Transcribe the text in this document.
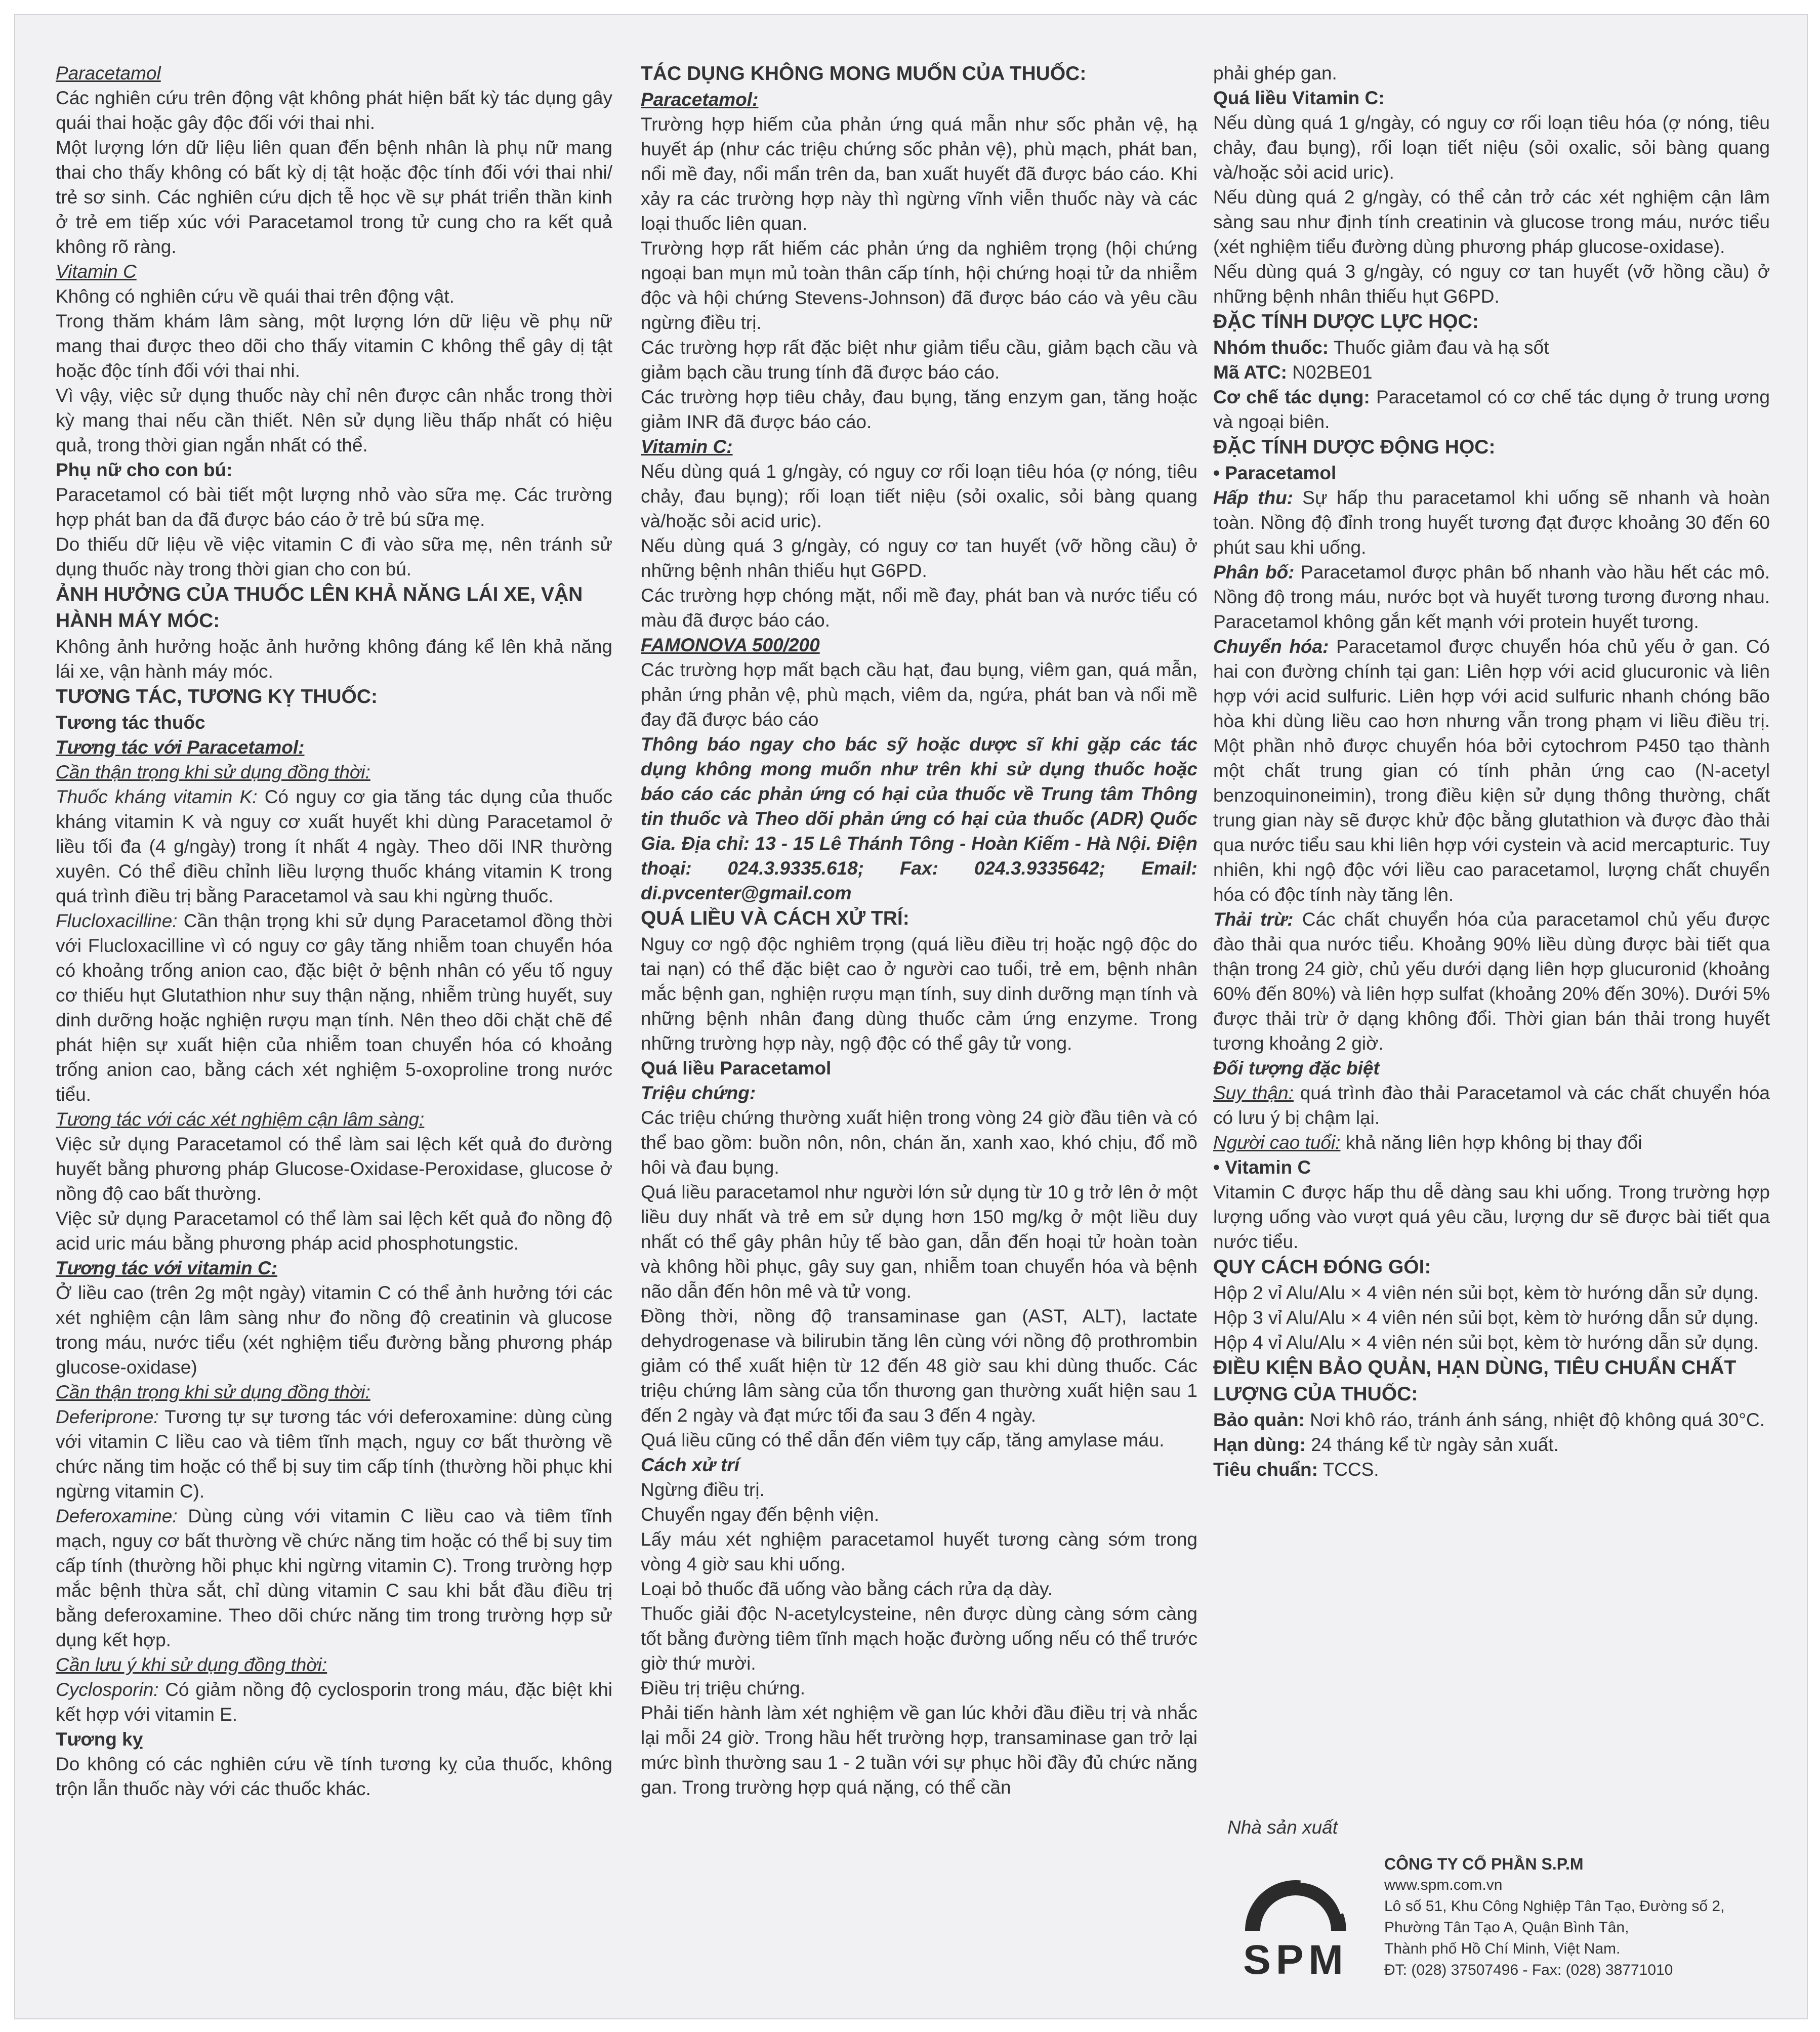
Paracetamol

Các nghiên cứu trên động vật không phát hiện bất kỳ tác dụng gây quái thai hoặc gây độc đối với thai nhi.

Một lượng lớn dữ liệu liên quan đến bệnh nhân là phụ nữ mang thai cho thấy không có bất kỳ dị tật hoặc độc tính đối với thai nhi/ trẻ sơ sinh. Các nghiên cứu dịch tễ học về sự phát triển thần kinh ở trẻ em tiếp xúc với Paracetamol trong tử cung cho ra kết quả không rõ ràng.

Vitamin C

Không có nghiên cứu về quái thai trên động vật.

Trong thăm khám lâm sàng, một lượng lớn dữ liệu về phụ nữ mang thai được theo dõi cho thấy vitamin C không thể gây dị tật hoặc độc tính đối với thai nhi.

Vì vậy, việc sử dụng thuốc này chỉ nên được cân nhắc trong thời kỳ mang thai nếu cần thiết. Nên sử dụng liều thấp nhất có hiệu quả, trong thời gian ngắn nhất có thể.

Phụ nữ cho con bú:

Paracetamol có bài tiết một lượng nhỏ vào sữa mẹ. Các trường hợp phát ban da đã được báo cáo ở trẻ bú sữa mẹ.

Do thiếu dữ liệu về việc vitamin C đi vào sữa mẹ, nên tránh sử dụng thuốc này trong thời gian cho con bú.

ẢNH HƯỞNG CỦA THUỐC LÊN KHẢ NĂNG LÁI XE, VẬN HÀNH MÁY MÓC:

Không ảnh hưởng hoặc ảnh hưởng không đáng kể lên khả năng lái xe, vận hành máy móc.

TƯƠNG TÁC, TƯƠNG KỴ THUỐC:

Tương tác thuốc

Tương tác với Paracetamol:

Cần thận trọng khi sử dụng đồng thời:

Thuốc kháng vitamin K: Có nguy cơ gia tăng tác dụng của thuốc kháng vitamin K và nguy cơ xuất huyết khi dùng Paracetamol ở liều tối đa (4 g/ngày) trong ít nhất 4 ngày. Theo dõi INR thường xuyên. Có thể điều chỉnh liều lượng thuốc kháng vitamin K trong quá trình điều trị bằng Paracetamol và sau khi ngừng thuốc.

Flucloxacilline: Cần thận trọng khi sử dụng Paracetamol đồng thời với Flucloxacilline vì có nguy cơ gây tăng nhiễm toan chuyển hóa có khoảng trống anion cao, đặc biệt ở bệnh nhân có yếu tố nguy cơ thiếu hụt Glutathion như suy thận nặng, nhiễm trùng huyết, suy dinh dưỡng hoặc nghiện rượu mạn tính. Nên theo dõi chặt chẽ để phát hiện sự xuất hiện của nhiễm toan chuyển hóa có khoảng trống anion cao, bằng cách xét nghiệm 5-oxoproline trong nước tiểu.

Tương tác với các xét nghiệm cận lâm sàng:

Việc sử dụng Paracetamol có thể làm sai lệch kết quả đo đường huyết bằng phương pháp Glucose-Oxidase-Peroxidase, glucose ở nồng độ cao bất thường.

Việc sử dụng Paracetamol có thể làm sai lệch kết quả đo nồng độ acid uric máu bằng phương pháp acid phosphotungstic.

Tương tác với vitamin C:

Ở liều cao (trên 2g một ngày) vitamin C có thể ảnh hưởng tới các xét nghiệm cận lâm sàng như đo nồng độ creatinin và glucose trong máu, nước tiểu (xét nghiệm tiểu đường bằng phương pháp glucose-oxidase)

Cần thận trọng khi sử dụng đồng thời:

Deferiprone: Tương tự sự tương tác với deferoxamine: dùng cùng với vitamin C liều cao và tiêm tĩnh mạch, nguy cơ bất thường về chức năng tim hoặc có thể bị suy tim cấp tính (thường hồi phục khi ngừng vitamin C).

Deferoxamine: Dùng cùng với vitamin C liều cao và tiêm tĩnh mạch, nguy cơ bất thường về chức năng tim hoặc có thể bị suy tim cấp tính (thường hồi phục khi ngừng vitamin C). Trong trường hợp mắc bệnh thừa sắt, chỉ dùng vitamin C sau khi bắt đầu điều trị bằng deferoxamine. Theo dõi chức năng tim trong trường hợp sử dụng kết hợp.

Cần lưu ý khi sử dụng đồng thời:

Cyclosporin: Có giảm nồng độ cyclosporin trong máu, đặc biệt khi kết hợp với vitamin E.

Tương kỵ

Do không có các nghiên cứu về tính tương kỵ của thuốc, không trộn lẫn thuốc này với các thuốc khác.

TÁC DỤNG KHÔNG MONG MUỐN CỦA THUỐC:

Paracetamol:

Trường hợp hiếm của phản ứng quá mẫn như sốc phản vệ, hạ huyết áp (như các triệu chứng sốc phản vệ), phù mạch, phát ban, nổi mề đay, nổi mẩn trên da, ban xuất huyết đã được báo cáo. Khi xảy ra các trường hợp này thì ngừng vĩnh viễn thuốc này và các loại thuốc liên quan.

Trường hợp rất hiếm các phản ứng da nghiêm trọng (hội chứng ngoại ban mụn mủ toàn thân cấp tính, hội chứng hoại tử da nhiễm độc và hội chứng Stevens-Johnson) đã được báo cáo và yêu cầu ngừng điều trị.

Các trường hợp rất đặc biệt như giảm tiểu cầu, giảm bạch cầu và giảm bạch cầu trung tính đã được báo cáo.

Các trường hợp tiêu chảy, đau bụng, tăng enzym gan, tăng hoặc giảm INR đã được báo cáo.

Vitamin C:

Nếu dùng quá 1 g/ngày, có nguy cơ rối loạn tiêu hóa (ợ nóng, tiêu chảy, đau bụng); rối loạn tiết niệu (sỏi oxalic, sỏi bàng quang và/hoặc sỏi acid uric).

Nếu dùng quá 3 g/ngày, có nguy cơ tan huyết (vỡ hồng cầu) ở những bệnh nhân thiếu hụt G6PD.

Các trường hợp chóng mặt, nổi mề đay, phát ban và nước tiểu có màu đã được báo cáo.

FAMONOVA 500/200

Các trường hợp mất bạch cầu hạt, đau bụng, viêm gan, quá mẫn, phản ứng phản vệ, phù mạch, viêm da, ngứa, phát ban và nổi mề đay đã được báo cáo

Thông báo ngay cho bác sỹ hoặc dược sĩ khi gặp các tác dụng không mong muốn như trên khi sử dụng thuốc hoặc báo cáo các phản ứng có hại của thuốc về Trung tâm Thông tin thuốc và Theo dõi phản ứng có hại của thuốc (ADR) Quốc Gia. Địa chỉ: 13 - 15 Lê Thánh Tông - Hoàn Kiếm - Hà Nội. Điện thoại: 024.3.9335.618; Fax: 024.3.9335642; Email: di.pvcenter@gmail.com

QUÁ LIỀU VÀ CÁCH XỬ TRÍ:

Nguy cơ ngộ độc nghiêm trọng (quá liều điều trị hoặc ngộ độc do tai nạn) có thể đặc biệt cao ở người cao tuổi, trẻ em, bệnh nhân mắc bệnh gan, nghiện rượu mạn tính, suy dinh dưỡng mạn tính và những bệnh nhân đang dùng thuốc cảm ứng enzyme. Trong những trường hợp này, ngộ độc có thể gây tử vong.

Quá liều Paracetamol

Triệu chứng:

Các triệu chứng thường xuất hiện trong vòng 24 giờ đầu tiên và có thể bao gồm: buồn nôn, nôn, chán ăn, xanh xao, khó chịu, đổ mồ hôi và đau bụng.

Quá liều paracetamol như người lớn sử dụng từ 10 g trở lên ở một liều duy nhất và trẻ em sử dụng hơn 150 mg/kg ở một liều duy nhất có thể gây phân hủy tế bào gan, dẫn đến hoại tử hoàn toàn và không hồi phục, gây suy gan, nhiễm toan chuyển hóa và bệnh não dẫn đến hôn mê và tử vong.

Đồng thời, nồng độ transaminase gan (AST, ALT), lactate dehydrogenase và bilirubin tăng lên cùng với nồng độ prothrombin giảm có thể xuất hiện từ 12 đến 48 giờ sau khi dùng thuốc. Các triệu chứng lâm sàng của tổn thương gan thường xuất hiện sau 1 đến 2 ngày và đạt mức tối đa sau 3 đến 4 ngày.

Quá liều cũng có thể dẫn đến viêm tụy cấp, tăng amylase máu.

Cách xử trí

Ngừng điều trị.

Chuyển ngay đến bệnh viện.

Lấy máu xét nghiệm paracetamol huyết tương càng sớm trong vòng 4 giờ sau khi uống.

Loại bỏ thuốc đã uống vào bằng cách rửa dạ dày.

Thuốc giải độc N-acetylcysteine, nên được dùng càng sớm càng tốt bằng đường tiêm tĩnh mạch hoặc đường uống nếu có thể trước giờ thứ mười.

Điều trị triệu chứng.

Phải tiến hành làm xét nghiệm về gan lúc khởi đầu điều trị và nhắc lại mỗi 24 giờ. Trong hầu hết trường hợp, transaminase gan trở lại mức bình thường sau 1 - 2 tuần với sự phục hồi đầy đủ chức năng gan. Trong trường hợp quá nặng, có thể cần

phải ghép gan.

Quá liều Vitamin C:

Nếu dùng quá 1 g/ngày, có nguy cơ rối loạn tiêu hóa (ợ nóng, tiêu chảy, đau bụng), rối loạn tiết niệu (sỏi oxalic, sỏi bàng quang và/hoặc sỏi acid uric).

Nếu dùng quá 2 g/ngày, có thể cản trở các xét nghiệm cận lâm sàng sau như định tính creatinin và glucose trong máu, nước tiểu (xét nghiệm tiểu đường dùng phương pháp glucose-oxidase).

Nếu dùng quá 3 g/ngày, có nguy cơ tan huyết (vỡ hồng cầu) ở những bệnh nhân thiếu hụt G6PD.

ĐẶC TÍNH DƯỢC LỰC HỌC:

Nhóm thuốc: Thuốc giảm đau và hạ sốt

Mã ATC: N02BE01

Cơ chế tác dụng: Paracetamol có cơ chế tác dụng ở trung ương và ngoại biên.

ĐẶC TÍNH DƯỢC ĐỘNG HỌC:

• Paracetamol

Hấp thu: Sự hấp thu paracetamol khi uống sẽ nhanh và hoàn toàn. Nồng độ đỉnh trong huyết tương đạt được khoảng 30 đến 60 phút sau khi uống.

Phân bố: Paracetamol được phân bố nhanh vào hầu hết các mô. Nồng độ trong máu, nước bọt và huyết tương tương đương nhau. Paracetamol không gắn kết mạnh với protein huyết tương.

Chuyển hóa: Paracetamol được chuyển hóa chủ yếu ở gan. Có hai con đường chính tại gan: Liên hợp với acid glucuronic và liên hợp với acid sulfuric. Liên hợp với acid sulfuric nhanh chóng bão hòa khi dùng liều cao hơn nhưng vẫn trong phạm vi liều điều trị. Một phần nhỏ được chuyển hóa bởi cytochrom P450 tạo thành một chất trung gian có tính phản ứng cao (N-acetyl benzoquinoneimin), trong điều kiện sử dụng thông thường, chất trung gian này sẽ được khử độc bằng glutathion và được đào thải qua nước tiểu sau khi liên hợp với cystein và acid mercapturic. Tuy nhiên, khi ngộ độc với liều cao paracetamol, lượng chất chuyển hóa có độc tính này tăng lên.

Thải trừ: Các chất chuyển hóa của paracetamol chủ yếu được đào thải qua nước tiểu. Khoảng 90% liều dùng được bài tiết qua thận trong 24 giờ, chủ yếu dưới dạng liên hợp glucuronid (khoảng 60% đến 80%) và liên hợp sulfat (khoảng 20% đến 30%). Dưới 5% được thải trừ ở dạng không đổi. Thời gian bán thải trong huyết tương khoảng 2 giờ.

Đối tượng đặc biệt

Suy thận: quá trình đào thải Paracetamol và các chất chuyển hóa có lưu ý bị chậm lại.

Người cao tuổi: khả năng liên hợp không bị thay đổi

• Vitamin C

Vitamin C được hấp thu dễ dàng sau khi uống. Trong trường hợp lượng uống vào vượt quá yêu cầu, lượng dư sẽ được bài tiết qua nước tiểu.

QUY CÁCH ĐÓNG GÓI:

Hộp 2 vỉ Alu/Alu × 4 viên nén sủi bọt, kèm tờ hướng dẫn sử dụng.

Hộp 3 vỉ Alu/Alu × 4 viên nén sủi bọt, kèm tờ hướng dẫn sử dụng.

Hộp 4 vỉ Alu/Alu × 4 viên nén sủi bọt, kèm tờ hướng dẫn sử dụng.

ĐIỀU KIỆN BẢO QUẢN, HẠN DÙNG, TIÊU CHUẨN CHẤT LƯỢNG CỦA THUỐC:

Bảo quản: Nơi khô ráo, tránh ánh sáng, nhiệt độ không quá 30°C.

Hạn dùng: 24 tháng kể từ ngày sản xuất.

Tiêu chuẩn: TCCS.

Nhà sản xuất
SPM
CÔNG TY CỔ PHẦN S.P.M
www.spm.com.vn
Lô số 51, Khu Công Nghiệp Tân Tạo, Đường số 2,
Phường Tân Tạo A, Quận Bình Tân,
Thành phố Hồ Chí Minh, Việt Nam.
ĐT: (028) 37507496 - Fax: (028) 38771010
